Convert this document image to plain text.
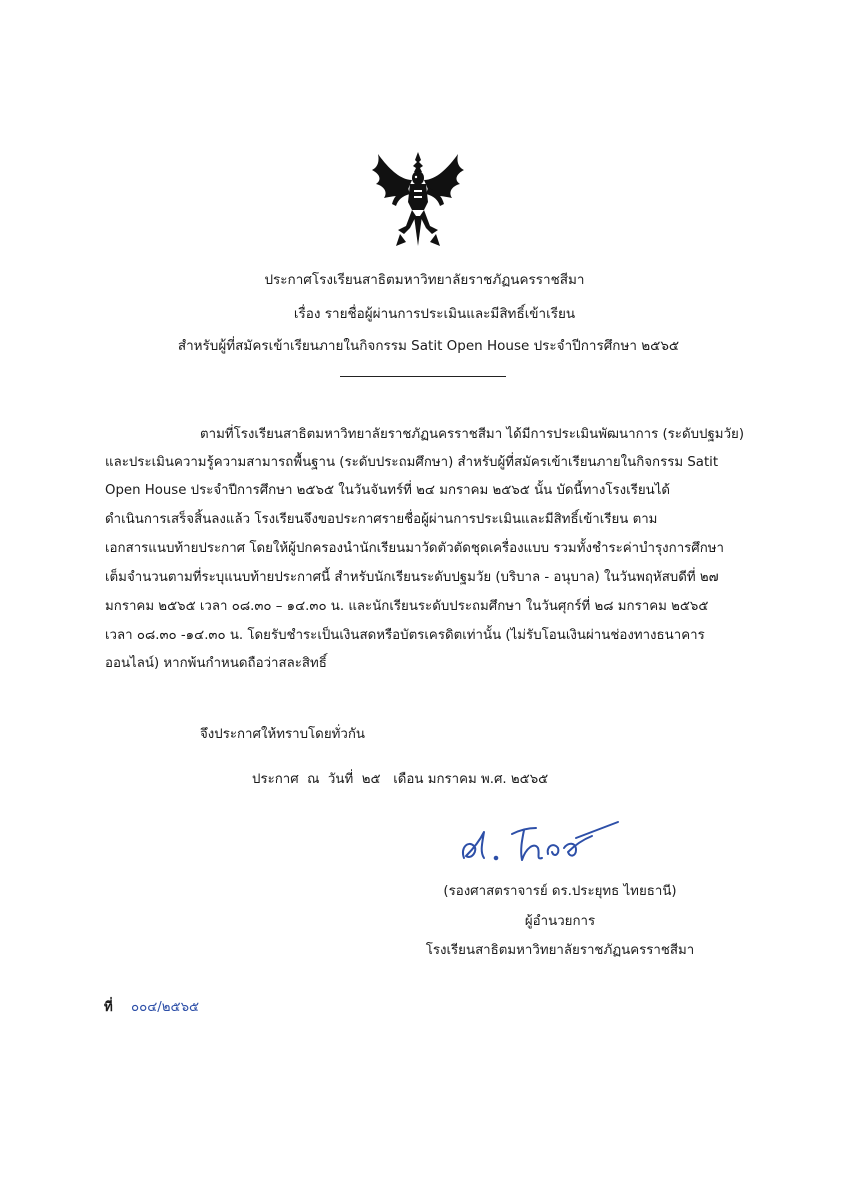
ประกาศโรงเรียนสาธิตมหาวิทยาลัยราชภัฏนครราชสีมา
เรื่อง รายชื่อผู้ผ่านการประเมินและมีสิทธิ์เข้าเรียน
สำหรับผู้ที่สมัครเข้าเรียนภายในกิจกรรม Satit Open House ประจำปีการศึกษา ๒๕๖๕
ตามที่โรงเรียนสาธิตมหาวิทยาลัยราชภัฏนครราชสีมา ได้มีการประเมินพัฒนาการ (ระดับปฐมวัย)
และประเมินความรู้ความสามารถพื้นฐาน (ระดับประถมศึกษา) สำหรับผู้ที่สมัครเข้าเรียนภายในกิจกรรม Satit
Open House ประจำปีการศึกษา ๒๕๖๕ ในวันจันทร์ที่ ๒๔ มกราคม ๒๕๖๕ นั้น บัดนี้ทางโรงเรียนได้
ดำเนินการเสร็จสิ้นลงแล้ว โรงเรียนจึงขอประกาศรายชื่อผู้ผ่านการประเมินและมีสิทธิ์เข้าเรียน ตาม
เอกสารแนบท้ายประกาศ โดยให้ผู้ปกครองนำนักเรียนมาวัดตัวตัดชุดเครื่องแบบ รวมทั้งชำระค่าบำรุงการศึกษา
เต็มจำนวนตามที่ระบุแนบท้ายประกาศนี้ สำหรับนักเรียนระดับปฐมวัย (บริบาล - อนุบาล) ในวันพฤหัสบดีที่ ๒๗
มกราคม ๒๕๖๕ เวลา ๐๘.๓๐ – ๑๔.๓๐ น. และนักเรียนระดับประถมศึกษา ในวันศุกร์ที่ ๒๘ มกราคม ๒๕๖๕
เวลา ๐๘.๓๐ -๑๔.๓๐ น. โดยรับชำระเป็นเงินสดหรือบัตรเครดิตเท่านั้น (ไม่รับโอนเงินผ่านช่องทางธนาคาร
ออนไลน์) หากพ้นกำหนดถือว่าสละสิทธิ์
จึงประกาศให้ทราบโดยทั่วกัน
ประกาศ  ณ  วันที่  ๒๕   เดือน มกราคม พ.ศ. ๒๕๖๕
(รองศาสตราจารย์ ดร.ประยุทธ ไทยธานี)
ผู้อำนวยการ
โรงเรียนสาธิตมหาวิทยาลัยราชภัฏนครราชสีมา
ที่ ๐๐๔/๒๕๖๕
